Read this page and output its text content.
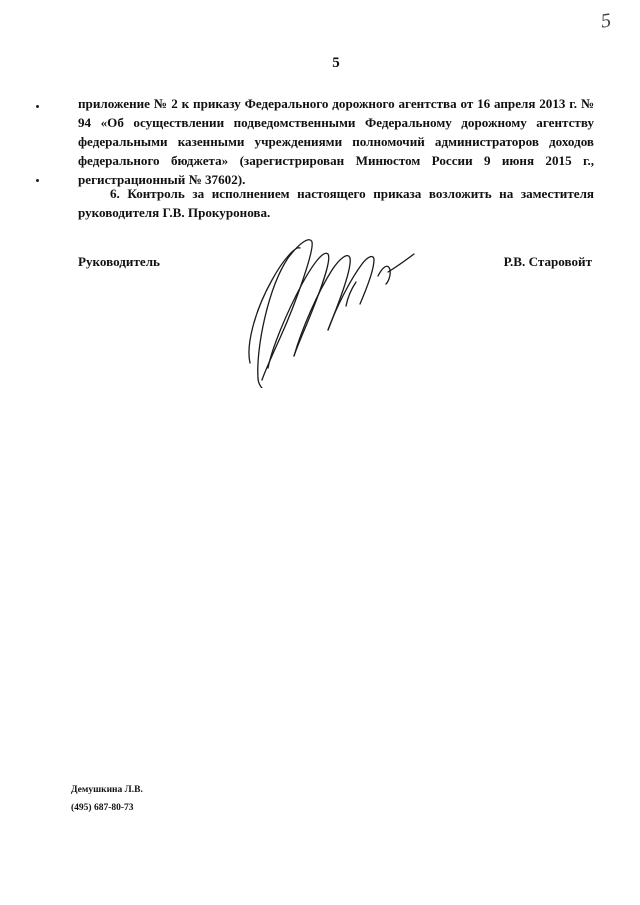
5
5

приложение № 2 к приказу Федерального дорожного агентства от 16 апреля 2013 г. № 94 «Об осуществлении подведомственными Федеральному дорожному агентству федеральными казенными учреждениями полномочий администраторов доходов федерального бюджета» (зарегистрирован Минюстом России 9 июня 2015 г., регистрационный № 37602).

6. Контроль за исполнением настоящего приказа возложить на заместителя руководителя Г.В. Прокуронова.

Руководитель	Р.В. Старовойт
Демушкина Л.В.
(495) 687-80-73
